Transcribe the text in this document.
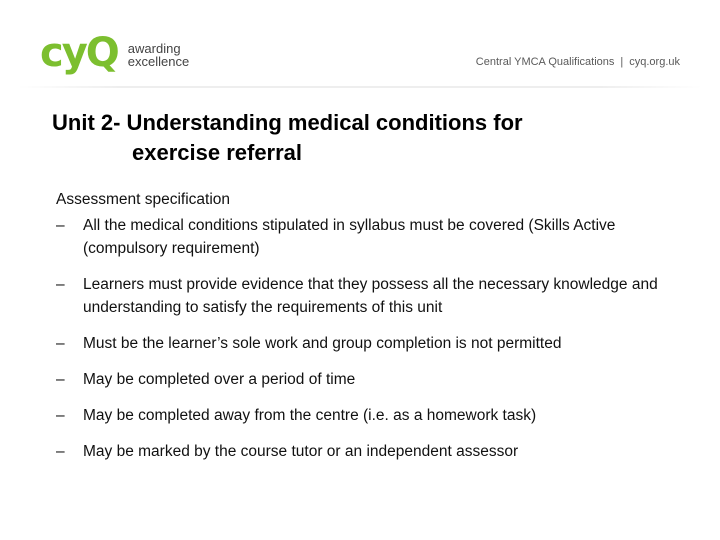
cyQ awarding
excellence	Central YMCA Qualifications | cyq.org.uk
Unit 2- Understanding medical conditions for
exercise referral
Assessment specification
–	All the medical conditions stipulated in syllabus must be covered (Skills Active (compulsory requirement)
–	Learners must provide evidence that they possess all the necessary knowledge and understanding to satisfy the requirements of this unit
–	Must be the learner’s sole work and group completion is not permitted
–	May be completed over a period of time
–	May be completed away from the centre (i.e. as a homework task)
–	May be marked by the course tutor or an independent assessor
